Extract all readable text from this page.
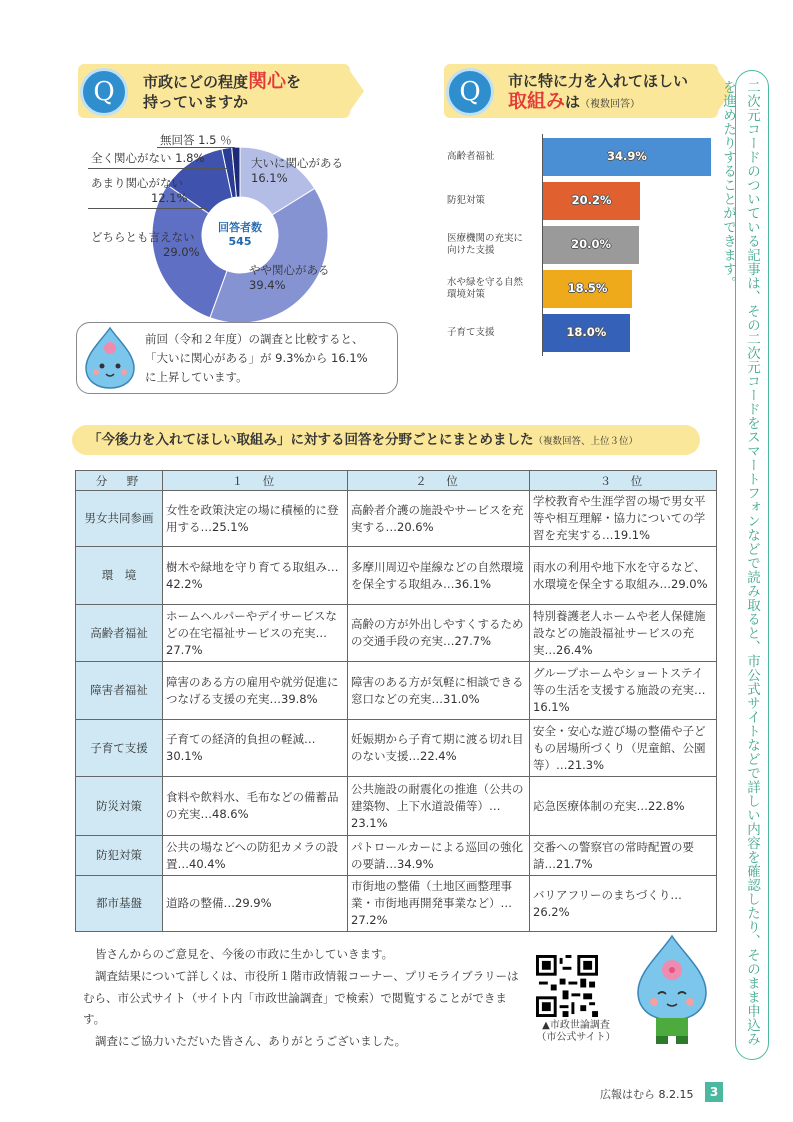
Q 市政にどの程度関心を
持っていますか	Q 市に特に力を入れてほしい
取組みは（複数回答）
回答者数
545
大いに関心がある
16.1%
やや関心がある
39.4%
どちらとも言えない
29.0%
あまり関心がない
12.1%
全く関心がない 1.8%
無回答 1.5 ％
前回（令和２年度）の調査と比較すると、
「大いに関心がある」が 9.3%から 16.1%
に上昇しています。
高齢者福祉	34.9%
防犯対策	20.2%
医療機関の充実に
向けた支援	20.0%
水や緑を守る自然
環境対策	18.5%
子育て支援	18.0%
「今後力を入れてほしい取組み」に対する回答を分野ごとにまとめました（複数回答、上位３位）
分　野	１　位	２　位	３　位
男女共同参画	女性を政策決定の場に積極的に登用する…25.1%	高齢者介護の施設やサービスを充実する…20.6%	学校教育や生涯学習の場で男女平等や相互理解・協力についての学習を充実する…19.1%
環　境	樹木や緑地を守り育てる取組み…42.2%	多摩川周辺や崖線などの自然環境を保全する取組み…36.1%	雨水の利用や地下水を守るなど、水環境を保全する取組み…29.0%
高齢者福祉	ホームヘルパーやデイサービスなどの在宅福祉サービスの充実…27.7%	高齢の方が外出しやすくするための交通手段の充実…27.7%	特別養護老人ホームや老人保健施設などの施設福祉サービスの充実…26.4%
障害者福祉	障害のある方の雇用や就労促進につなげる支援の充実…39.8%	障害のある方が気軽に相談できる窓口などの充実…31.0%	グループホームやショートステイ等の生活を支援する施設の充実…16.1%
子育て支援	子育ての経済的負担の軽減…30.1%	妊娠期から子育て期に渡る切れ目のない支援…22.4%	安全・安心な遊び場の整備や子どもの居場所づくり（児童館、公園等）…21.3%
防災対策	食料や飲料水、毛布などの備蓄品の充実…48.6%	公共施設の耐震化の推進（公共の建築物、上下水道設備等）…23.1%	応急医療体制の充実…22.8%
防犯対策	公共の場などへの防犯カメラの設置…40.4%	パトロールカーによる巡回の強化の要請…34.9%	交番への警察官の常時配置の要請…21.7%
都市基盤	道路の整備…29.9%	市街地の整備（土地区画整理事業・市街地再開発事業など）…27.2%	バリアフリーのまちづくり…26.2%
皆さんからのご意見を、今後の市政に生かしていきます。
調査結果について詳しくは、市役所１階市政情報コーナー、プリモライブラリーはむら、市公式サイト（サイト内「市政世論調査」で検索）で閲覧することができます。
調査にご協力いただいた皆さん、ありがとうございました。
▲市政世論調査
（市公式サイト）	二次元コードのついている記事は、その二次元コードをスマートフォンなどで読み取ると、市公式サイトなどで詳しい内容を確認したり、そのまま申込みを進めたりすることができます。
広報はむら 8.2.15	3
